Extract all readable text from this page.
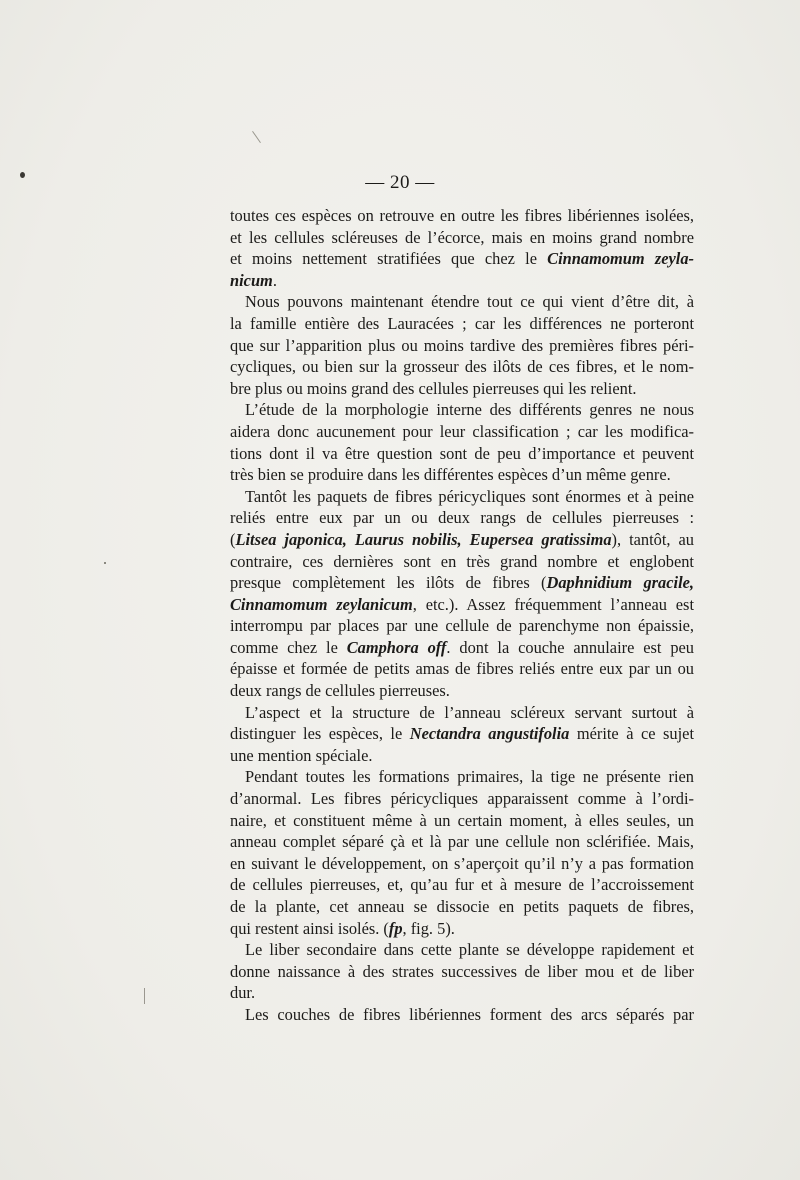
— 20 —

toutes ces espèces on retrouve en outre les fibres libériennes isolées,
et les cellules scléreuses de l’écorce, mais en moins grand nombre
et moins nettement stratifiées que chez le Cinnamomum zeyla-
nicum.

Nous pouvons maintenant étendre tout ce qui vient d’être dit, à
la famille entière des Lauracées ; car les différences ne porteront
que sur l’apparition plus ou moins tardive des premières fibres péri-
cycliques, ou bien sur la grosseur des ilôts de ces fibres, et le nom-
bre plus ou moins grand des cellules pierreuses qui les relient.

L’étude de la morphologie interne des différents genres ne nous
aidera donc aucunement pour leur classification ; car les modifica-
tions dont il va être question sont de peu d’importance et peuvent
très bien se produire dans les différentes espèces d’un même genre.

Tantôt les paquets de fibres péricycliques sont énormes et à peine
reliés entre eux par un ou deux rangs de cellules pierreuses :
(Litsea japonica, Laurus nobilis, Eupersea gratissima), tantôt, au
contraire, ces dernières sont en très grand nombre et englobent
presque complètement les ilôts de fibres (Daphnidium gracile,
Cinnamomum zeylanicum, etc.). Assez fréquemment l’anneau est
interrompu par places par une cellule de parenchyme non épaissie,
comme chez le Camphora off. dont la couche annulaire est peu
épaisse et formée de petits amas de fibres reliés entre eux par un ou
deux rangs de cellules pierreuses.

L’aspect et la structure de l’anneau scléreux servant surtout à
distinguer les espèces, le Nectandra angustifolia mérite à ce sujet
une mention spéciale.

Pendant toutes les formations primaires, la tige ne présente rien
d’anormal. Les fibres péricycliques apparaissent comme à l’ordi-
naire, et constituent même à un certain moment, à elles seules, un
anneau complet séparé çà et là par une cellule non sclérifiée. Mais,
en suivant le développement, on s’aperçoit qu’il n’y a pas formation
de cellules pierreuses, et, qu’au fur et à mesure de l’accroissement
de la plante, cet anneau se dissocie en petits paquets de fibres,
qui restent ainsi isolés. (fp, fig. 5).

Le liber secondaire dans cette plante se développe rapidement et
donne naissance à des strates successives de liber mou et de liber
dur.

Les couches de fibres libériennes forment des arcs séparés par
